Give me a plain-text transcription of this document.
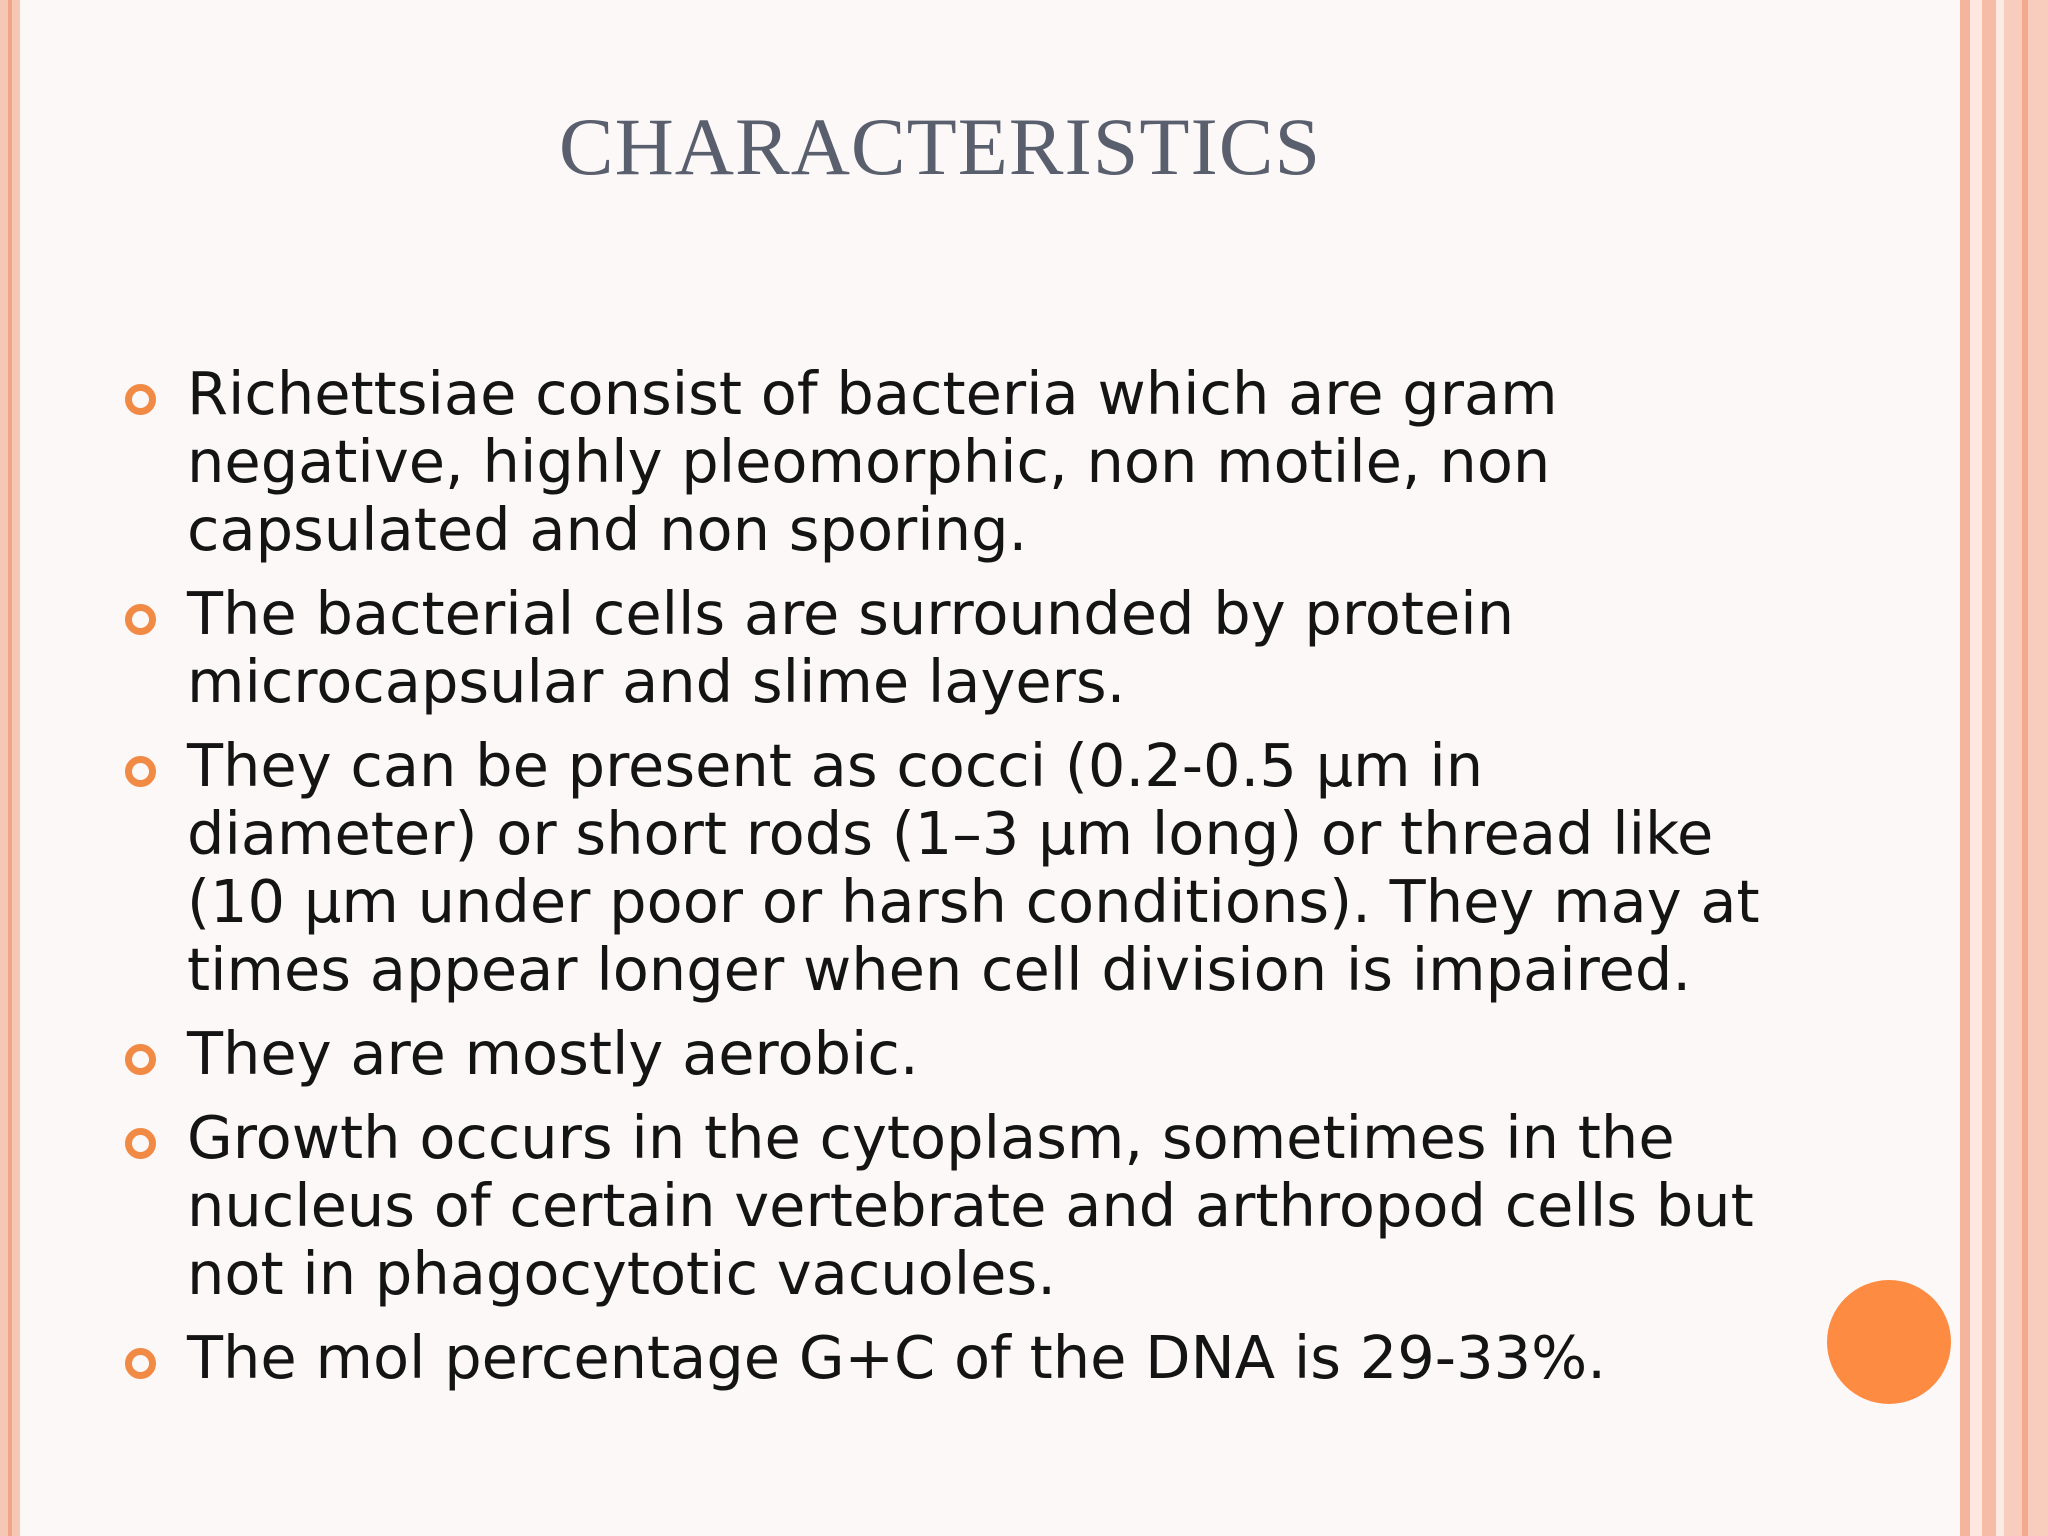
CHARACTERISTICS
Richettsiae consist of bacteria which are gram negative, highly pleomorphic, non motile, non capsulated and non sporing.
The bacterial cells are surrounded by protein microcapsular and slime layers.
They can be present as cocci (0.2-0.5 μm in diameter) or short rods (1–3 μm long) or thread like (10 μm under poor or harsh conditions). They may at times appear longer when cell division is impaired.
They are mostly aerobic.
Growth occurs in the cytoplasm, sometimes in the nucleus of certain vertebrate and arthropod cells but not in phagocytotic vacuoles.
The mol percentage G+C of the DNA is 29-33%.
